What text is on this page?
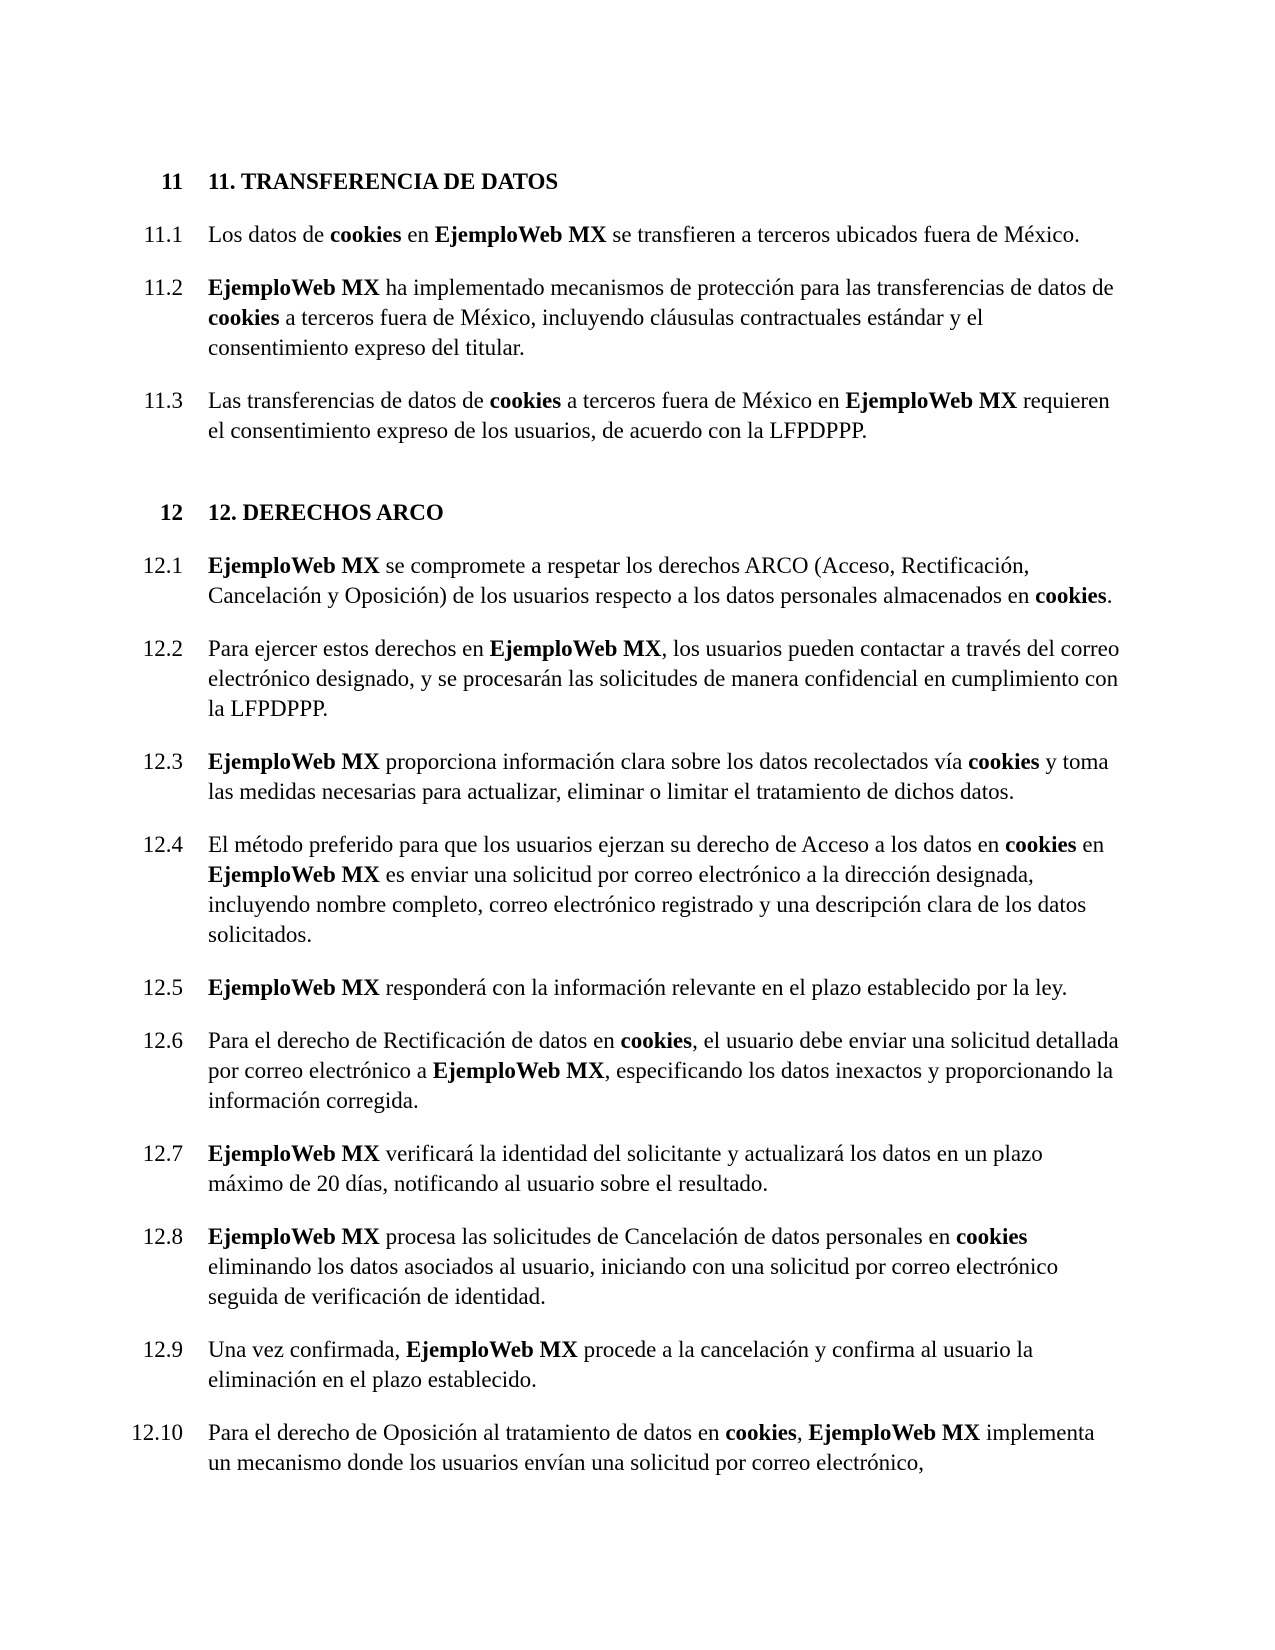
11 11. TRANSFERENCIA DE DATOS
11.1 Los datos de cookies en EjemploWeb MX se transfieren a terceros ubicados fuera de México.
11.2 EjemploWeb MX ha implementado mecanismos de protección para las transferencias de datos de cookies a terceros fuera de México, incluyendo cláusulas contractuales estándar y el consentimiento expreso del titular.
11.3 Las transferencias de datos de cookies a terceros fuera de México en EjemploWeb MX requieren el consentimiento expreso de los usuarios, de acuerdo con la LFPDPPP.
12 12. DERECHOS ARCO
12.1 EjemploWeb MX se compromete a respetar los derechos ARCO (Acceso, Rectificación, Cancelación y Oposición) de los usuarios respecto a los datos personales almacenados en cookies.
12.2 Para ejercer estos derechos en EjemploWeb MX, los usuarios pueden contactar a través del correo electrónico designado, y se procesarán las solicitudes de manera confidencial en cumplimiento con la LFPDPPP.
12.3 EjemploWeb MX proporciona información clara sobre los datos recolectados vía cookies y toma las medidas necesarias para actualizar, eliminar o limitar el tratamiento de dichos datos.
12.4 El método preferido para que los usuarios ejerzan su derecho de Acceso a los datos en cookies en EjemploWeb MX es enviar una solicitud por correo electrónico a la dirección designada, incluyendo nombre completo, correo electrónico registrado y una descripción clara de los datos solicitados.
12.5 EjemploWeb MX responderá con la información relevante en el plazo establecido por la ley.
12.6 Para el derecho de Rectificación de datos en cookies, el usuario debe enviar una solicitud detallada por correo electrónico a EjemploWeb MX, especificando los datos inexactos y proporcionando la información corregida.
12.7 EjemploWeb MX verificará la identidad del solicitante y actualizará los datos en un plazo máximo de 20 días, notificando al usuario sobre el resultado.
12.8 EjemploWeb MX procesa las solicitudes de Cancelación de datos personales en cookies eliminando los datos asociados al usuario, iniciando con una solicitud por correo electrónico seguida de verificación de identidad.
12.9 Una vez confirmada, EjemploWeb MX procede a la cancelación y confirma al usuario la eliminación en el plazo establecido.
12.10 Para el derecho de Oposición al tratamiento de datos en cookies, EjemploWeb MX implementa un mecanismo donde los usuarios envían una solicitud por correo electrónico,
